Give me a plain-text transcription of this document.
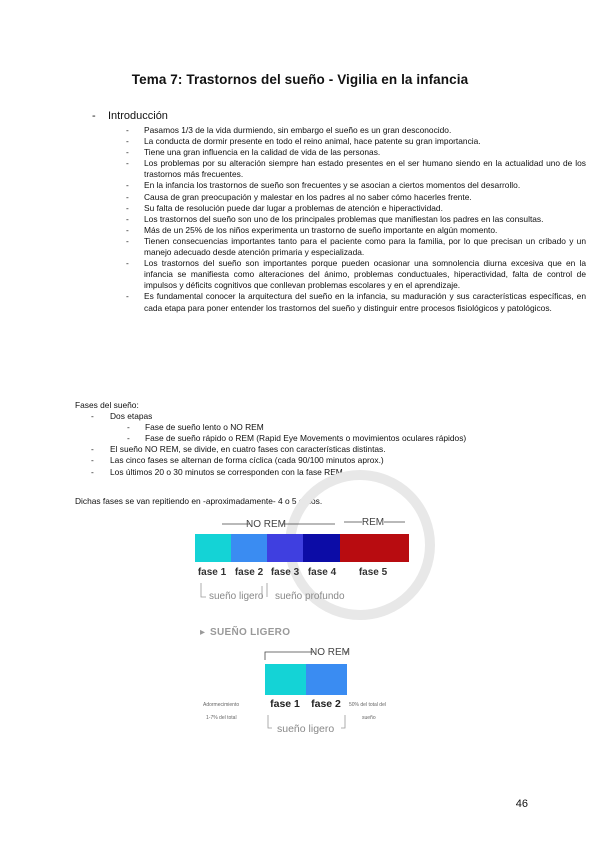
Tema 7: Trastornos del sueño - Vigilia en la infancia
- Introducción
- Pasamos 1/3 de la vida durmiendo, sin embargo el sueño es un gran desconocido.
- La conducta de dormir presente en todo el reino animal, hace patente su gran importancia.
- Tiene una gran influencia en la calidad de vida de las personas.
- Los problemas por su alteración siempre han estado presentes en el ser humano siendo en la actualidad uno de los trastornos más frecuentes.
- En la infancia los trastornos de sueño son frecuentes y se asocian a ciertos momentos del desarrollo.
- Causa de gran preocupación y malestar en los padres al no saber cómo hacerles frente.
- Su falta de resolución puede dar lugar a problemas de atención e hiperactividad.
- Los trastornos del sueño son uno de los principales problemas que manifiestan los padres en las consultas.
- Más de un 25% de los niños experimenta un trastorno de sueño importante en algún momento.
- Tienen consecuencias importantes tanto para el paciente como para la familia, por lo que precisan un cribado y un manejo adecuado desde atención primaria y especializada.
- Los trastornos del sueño son importantes porque pueden ocasionar una somnolencia diurna excesiva que en la infancia se manifiesta como alteraciones del ánimo, problemas conductuales, hiperactividad, falta de control de impulsos y déficits cognitivos que conllevan problemas escolares y en el aprendizaje.
- Es fundamental conocer la arquitectura del sueño en la infancia, su maduración y sus características específicas, en cada etapa para poner entender los trastornos del sueño y distinguir entre procesos fisiológicos y patológicos.
Fases del sueño:
- Dos etapas
- Fase de sueño lento o NO REM
- Fase de sueño rápido o REM (Rapid Eye Movements o movimientos oculares rápidos)
- El sueño NO REM, se divide, en cuatro fases con características distintas.
- Las cinco fases se alternan de forma cíclica (cada 90/100 minutos aprox.)
- Los últimos 20 o 30 minutos se corresponden con la fase REM.
Dichas fases se van repitiendo en -aproximadamente- 4 o 5 ciclos.
NO REM	REM
fase 1 fase 2 fase 3 fase 4 fase 5
sueño ligero sueño profundo
▸ SUEÑO LIGERO
NO REM
fase 1 fase 2
Adormecimiento
1-7% del total
50% del total del
sueño
sueño ligero
46
